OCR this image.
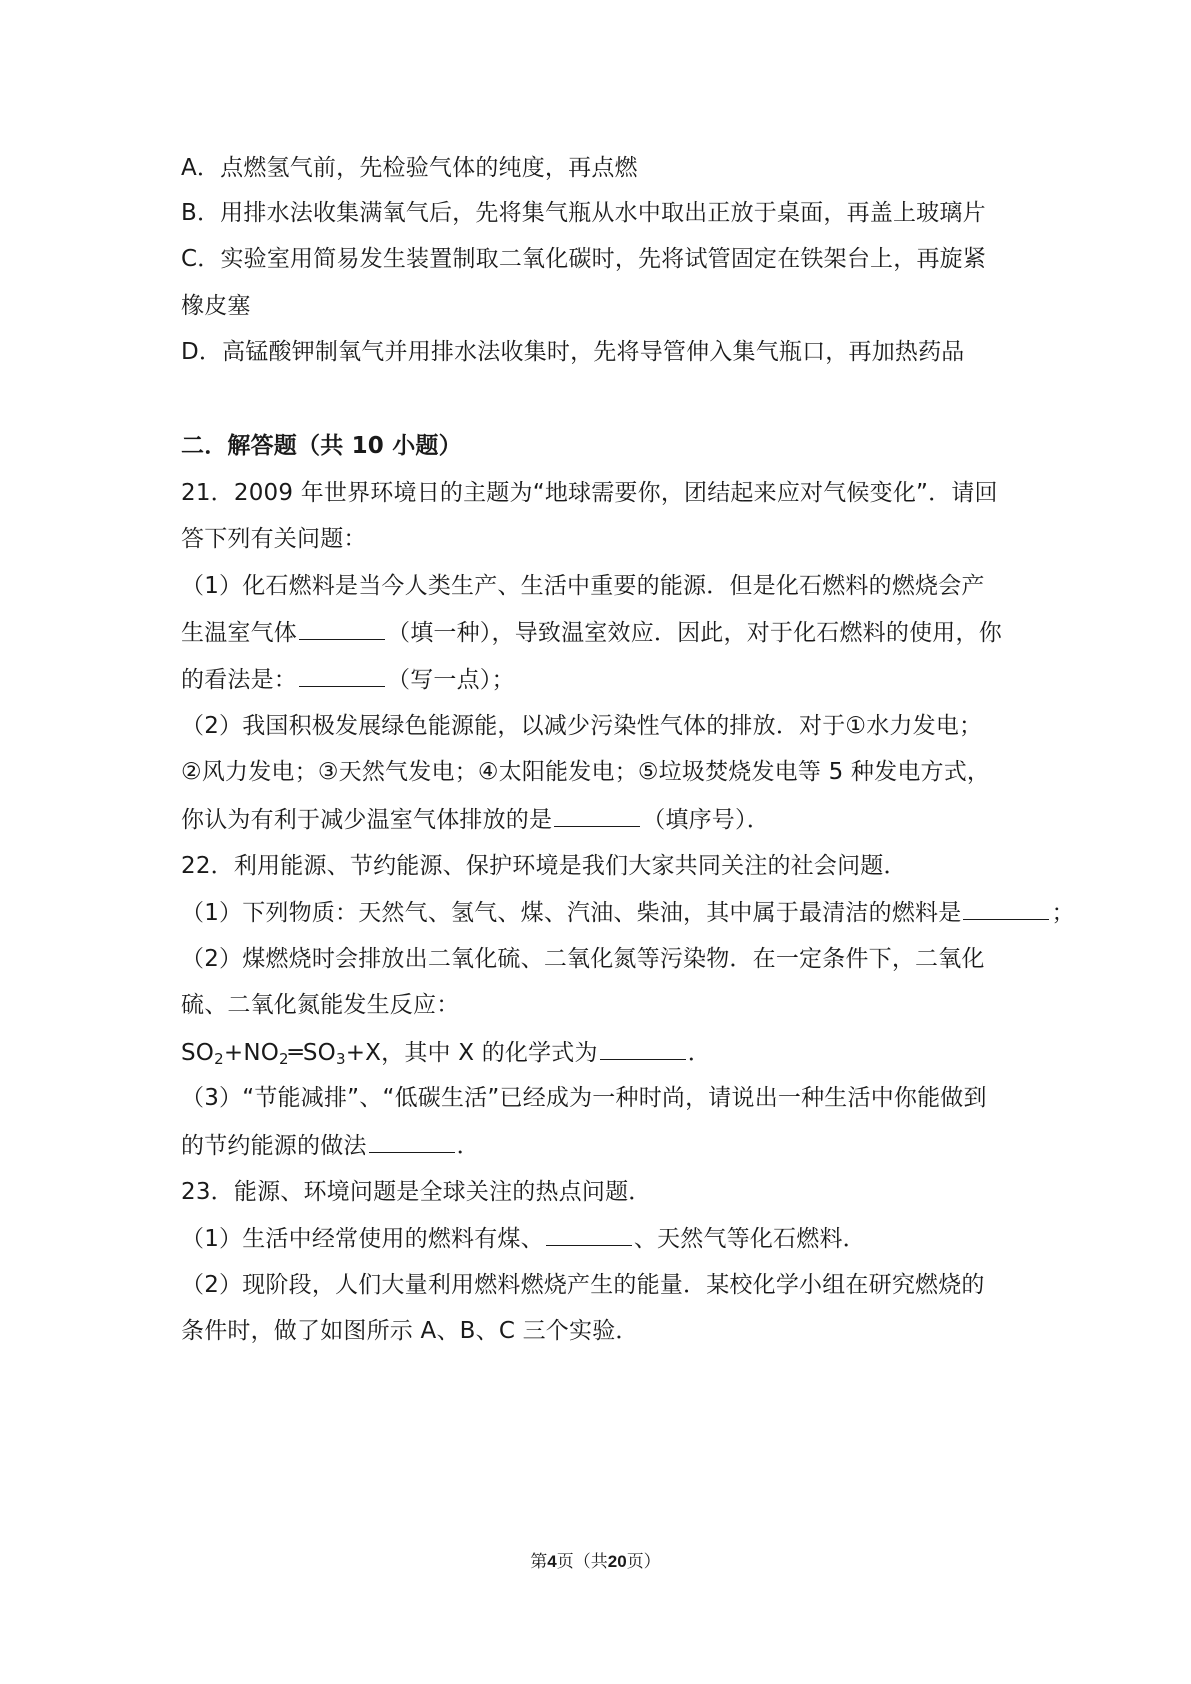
A．点燃氢气前，先检验气体的纯度，再点燃
B．用排水法收集满氧气后，先将集气瓶从水中取出正放于桌面，再盖上玻璃片
C．实验室用简易发生装置制取二氧化碳时，先将试管固定在铁架台上，再旋紧
橡皮塞
D．高锰酸钾制氧气并用排水法收集时，先将导管伸入集气瓶口，再加热药品
二．解答题（共 10 小题）
21．2009 年世界环境日的主题为“地球需要你，团结起来应对气候变化”．请回
答下列有关问题：
（1）化石燃料是当今人类生产、生活中重要的能源．但是化石燃料的燃烧会产
生温室气体	（填一种），导致温室效应．因此，对于化石燃料的使用，你
的看法是：	（写一点）；
（2）我国积极发展绿色能源能，以减少污染性气体的排放．对于①水力发电；
②风力发电；③天然气发电；④太阳能发电；⑤垃圾焚烧发电等 5 种发电方式，
你认为有利于减少温室气体排放的是	（填序号）．
22．利用能源、节约能源、保护环境是我们大家共同关注的社会问题．
（1）下列物质：天然气、氢气、煤、汽油、柴油，其中属于最清洁的燃料是	；
（2）煤燃烧时会排放出二氧化硫、二氧化氮等污染物．在一定条件下，二氧化
硫、二氧化氮能发生反应：
$SO_2+NO_2═SO_3+X$，其中 X 的化学式为	．
（3）“节能减排”、“低碳生活”已经成为一种时尚，请说出一种生活中你能做到
的节约能源的做法	．
23．能源、环境问题是全球关注的热点问题．
（1）生活中经常使用的燃料有煤、	、天然气等化石燃料．
（2）现阶段，人们大量利用燃料燃烧产生的能量．某校化学小组在研究燃烧的
条件时，做了如图所示 A、B、C 三个实验．
第4页（共20页）
